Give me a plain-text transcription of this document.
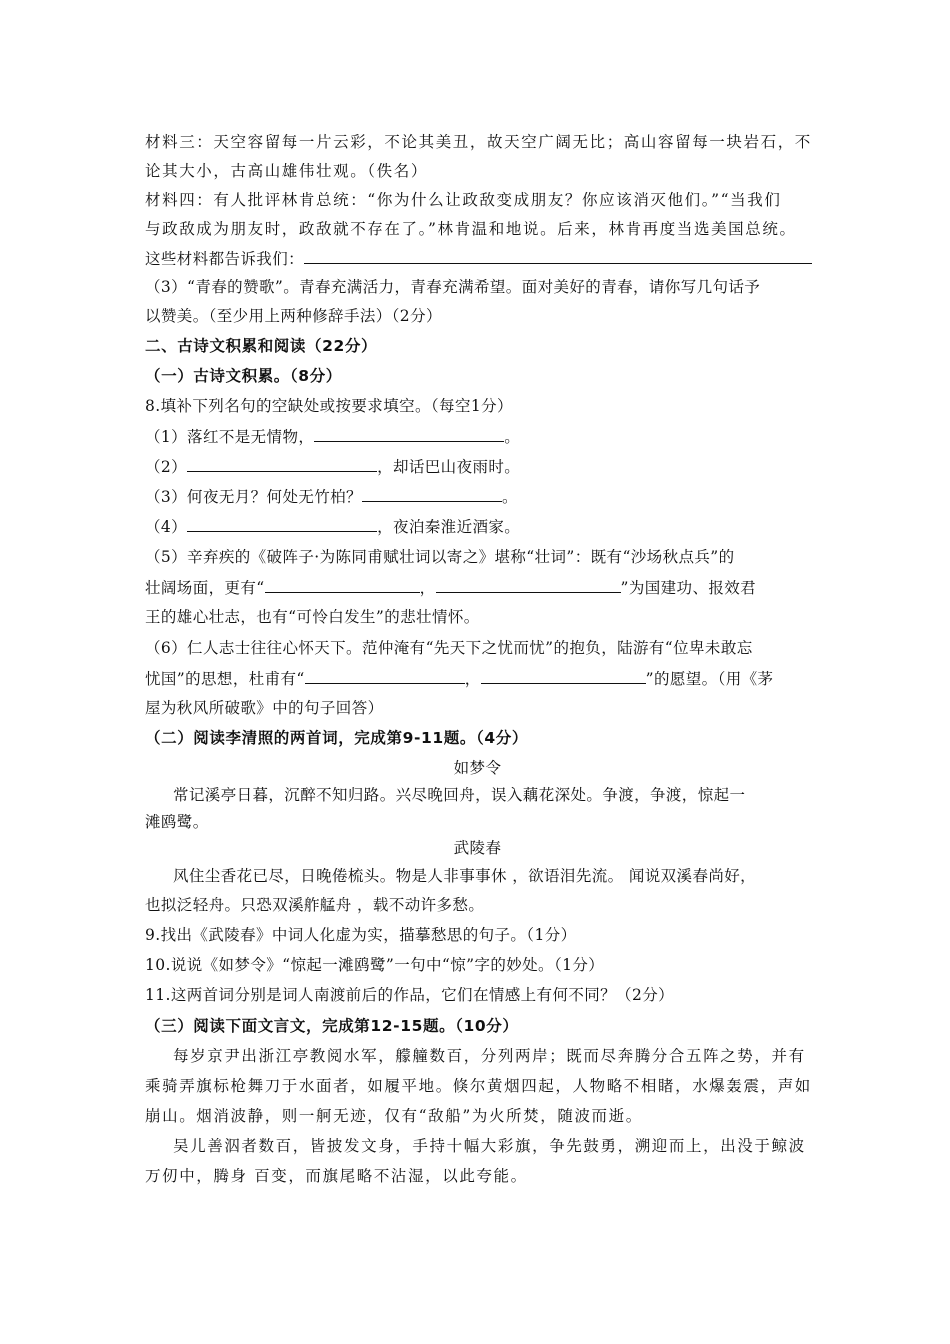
材料三：天空容留每一片云彩，不论其美丑，故天空广阔无比；高山容留每一块岩石，不
论其大小，古高山雄伟壮观。（佚名）
材料四：有人批评林肯总统：“你为什么让政敌变成朋友？你应该消灭他们。”“当我们
与政敌成为朋友时，政敌就不存在了。”林肯温和地说。后来，林肯再度当选美国总统。
这些材料都告诉我们：
（3）“青春的赞歌”。青春充满活力，青春充满希望。面对美好的青春，请你写几句话予
以赞美。（至少用上两种修辞手法）（2分）
二、古诗文积累和阅读（22分）
（一）古诗文积累。（8分）
8.填补下列名句的空缺处或按要求填空。（每空1分）
（1）落红不是无情物，	。
（2）	，却话巴山夜雨时。
（3）何夜无月？何处无竹柏？	。
（4）	，夜泊秦淮近酒家。
（5）辛弃疾的《破阵子·为陈同甫赋壮词以寄之》堪称“壮词”：既有“沙场秋点兵”的
壮阔场面，更有“	，	”为国建功、报效君
王的雄心壮志，也有“可怜白发生”的悲壮情怀。
（6）仁人志士往往心怀天下。范仲淹有“先天下之忧而忧”的抱负，陆游有“位卑未敢忘
忧国”的思想，杜甫有“	，	”的愿望。（用《茅
屋为秋风所破歌》中的句子回答）
（二）阅读李清照的两首词，完成第9-11题。（4分）
如梦令
常记溪亭日暮，沉醉不知归路。兴尽晚回舟，误入藕花深处。争渡，争渡，惊起一
滩鸥鹭。
武陵春
风住尘香花已尽，日晚倦梳头。物是人非事事休 ，欲语泪先流。 闻说双溪春尚好，
也拟泛轻舟。只恐双溪舴艋舟 ，载不动许多愁。
9.找出《武陵春》中词人化虚为实，描摹愁思的句子。（1分）
10.说说《如梦令》“惊起一滩鸥鹭”一句中“惊”字的妙处。（1分）
11.这两首词分别是词人南渡前后的作品，它们在情感上有何不同？（2分）
（三）阅读下面文言文，完成第12-15题。（10分）
每岁京尹出浙江亭教阅水军，艨艟数百，分列两岸；既而尽奔腾分合五阵之势，并有
乘骑弄旗标枪舞刀于水面者，如履平地。倏尔黄烟四起，人物略不相睹，水爆轰震，声如
崩山。烟消波静，则一舸无迹，仅有“敌船”为火所焚，随波而逝。
吴儿善泅者数百，皆披发文身，手持十幅大彩旗，争先鼓勇，溯迎而上，出没于鲸波
万仞中，腾身 百变，而旗尾略不沾湿，以此夸能。
